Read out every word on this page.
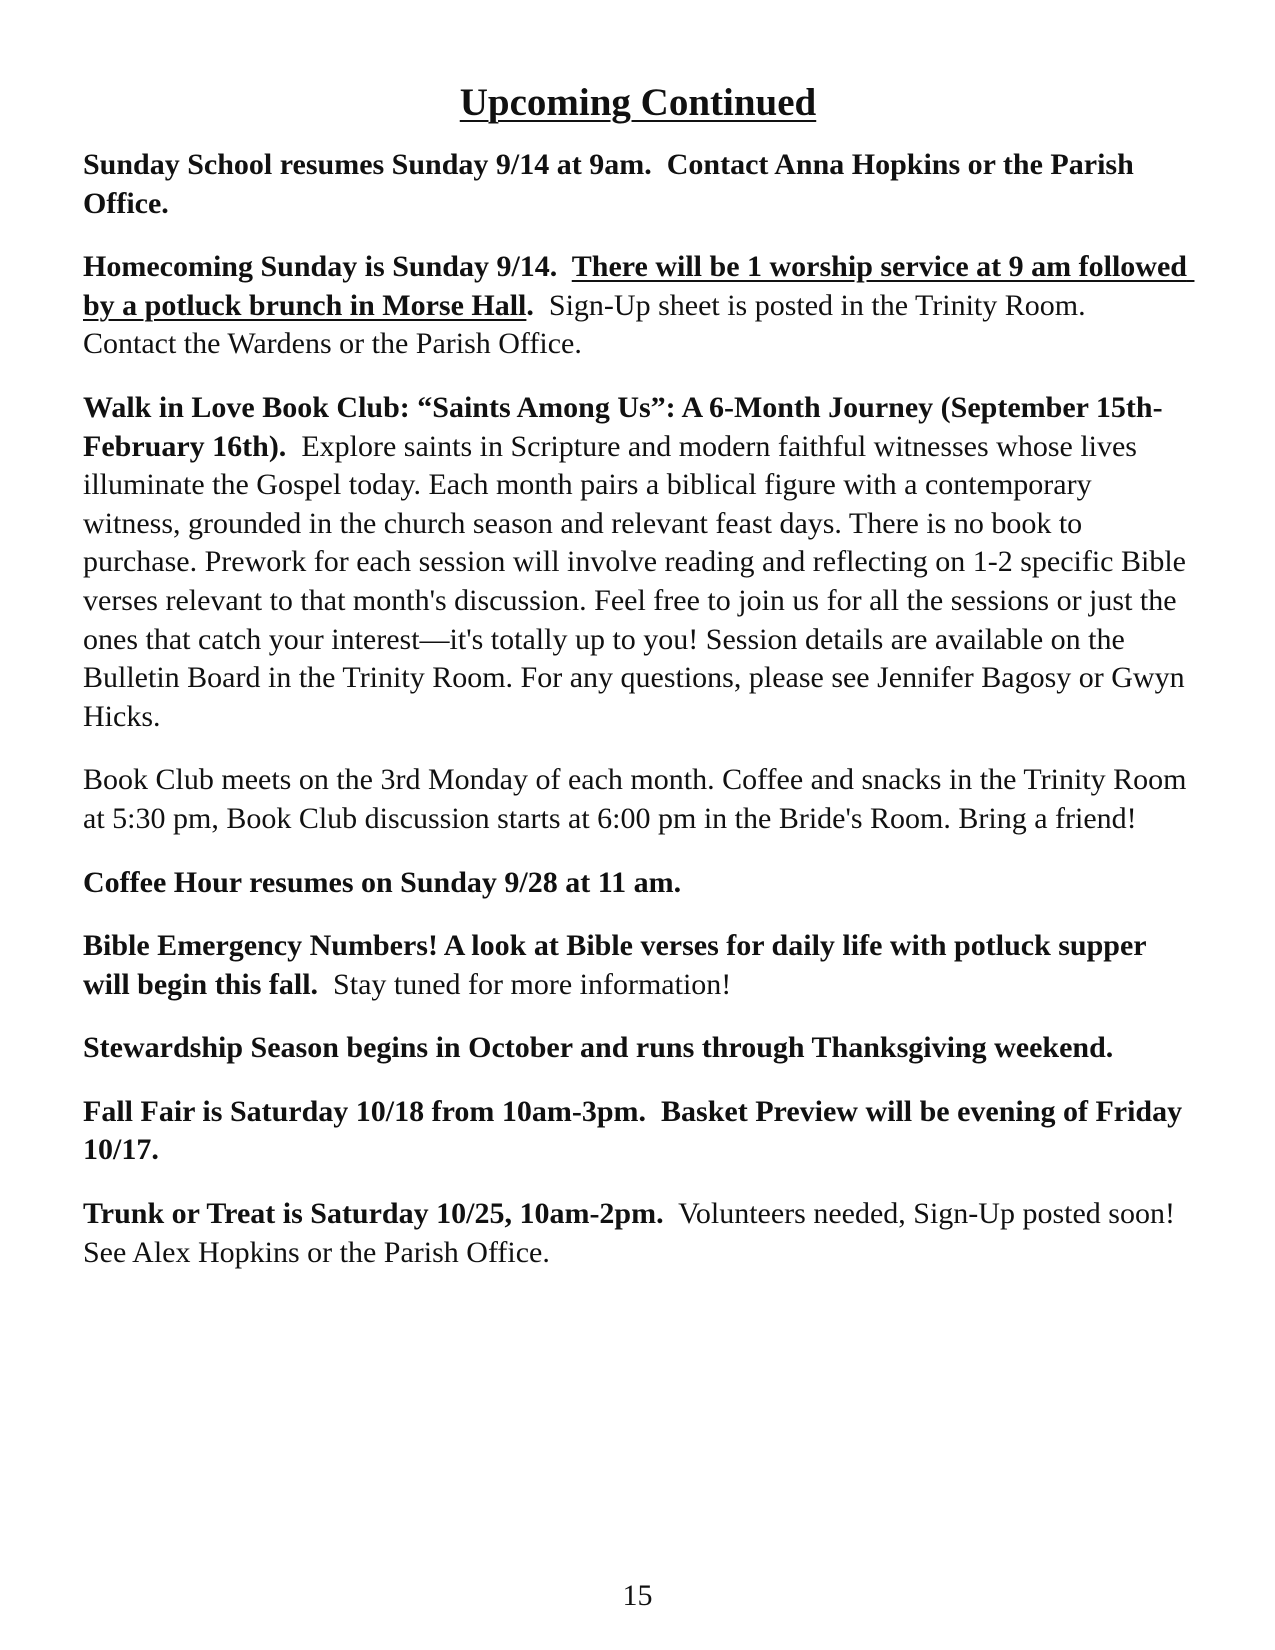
Upcoming Continued

Sunday School resumes Sunday 9/14 at 9am.  Contact Anna Hopkins or the Parish Office.

Homecoming Sunday is Sunday 9/14.  There will be 1 worship service at 9 am followed by a potluck brunch in Morse Hall.  Sign-Up sheet is posted in the Trinity Room.  Contact the Wardens or the Parish Office.

Walk in Love Book Club: “Saints Among Us”: A 6-Month Journey (September 15th-February 16th).  Explore saints in Scripture and modern faithful witnesses whose lives illuminate the Gospel today. Each month pairs a biblical figure with a contemporary witness, grounded in the church season and relevant feast days. There is no book to purchase. Prework for each session will involve reading and reflecting on 1-2 specific Bible verses relevant to that month's discussion. Feel free to join us for all the sessions or just the ones that catch your interest—it's totally up to you! Session details are available on the Bulletin Board in the Trinity Room. For any questions, please see Jennifer Bagosy or Gwyn Hicks.

Book Club meets on the 3rd Monday of each month. Coffee and snacks in the Trinity Room at 5:30 pm, Book Club discussion starts at 6:00 pm in the Bride's Room. Bring a friend!

Coffee Hour resumes on Sunday 9/28 at 11 am.

Bible Emergency Numbers! A look at Bible verses for daily life with potluck supper will begin this fall.  Stay tuned for more information!

Stewardship Season begins in October and runs through Thanksgiving weekend.

Fall Fair is Saturday 10/18 from 10am-3pm.  Basket Preview will be evening of Friday 10/17.

Trunk or Treat is Saturday 10/25, 10am-2pm.  Volunteers needed, Sign-Up posted soon!  See Alex Hopkins or the Parish Office.

15
